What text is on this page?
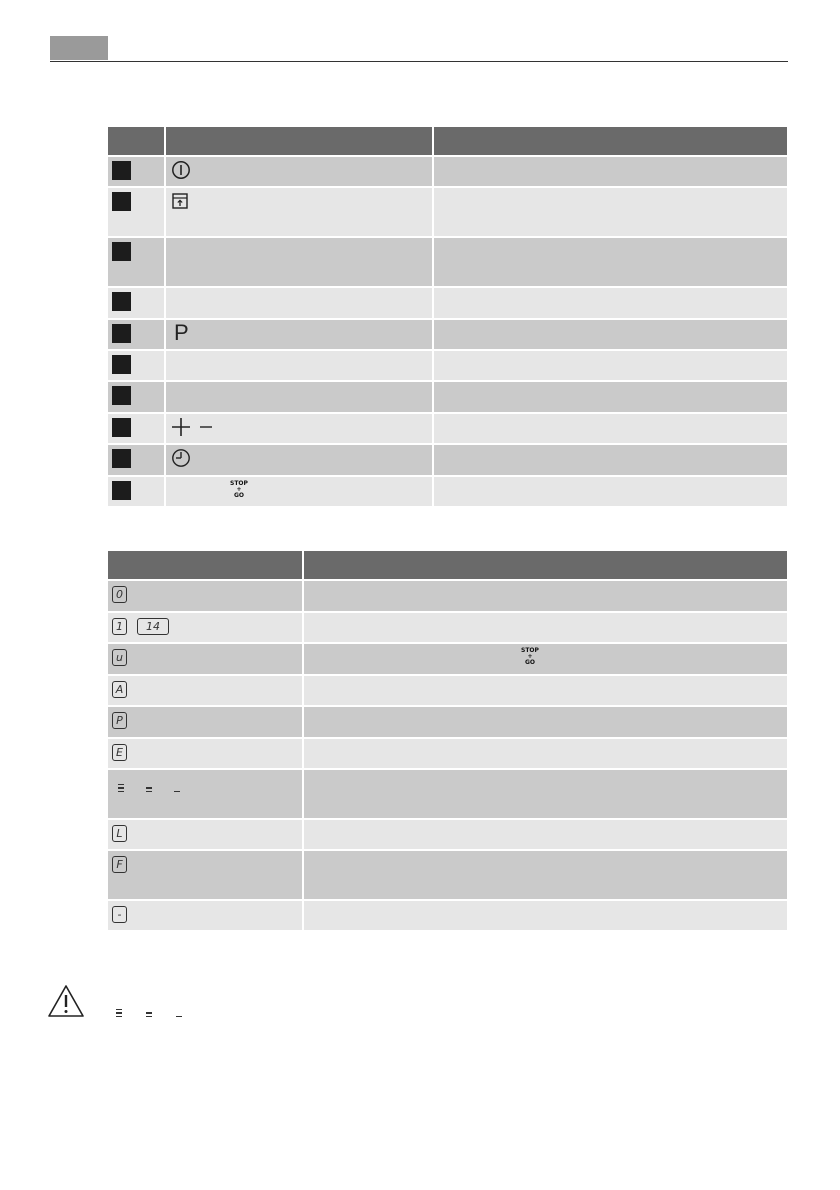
	P	

	STOP
+
GO	

0	

1 14	

u	STOP
+
GO

A	

P	

E	

L	

F	

-	
